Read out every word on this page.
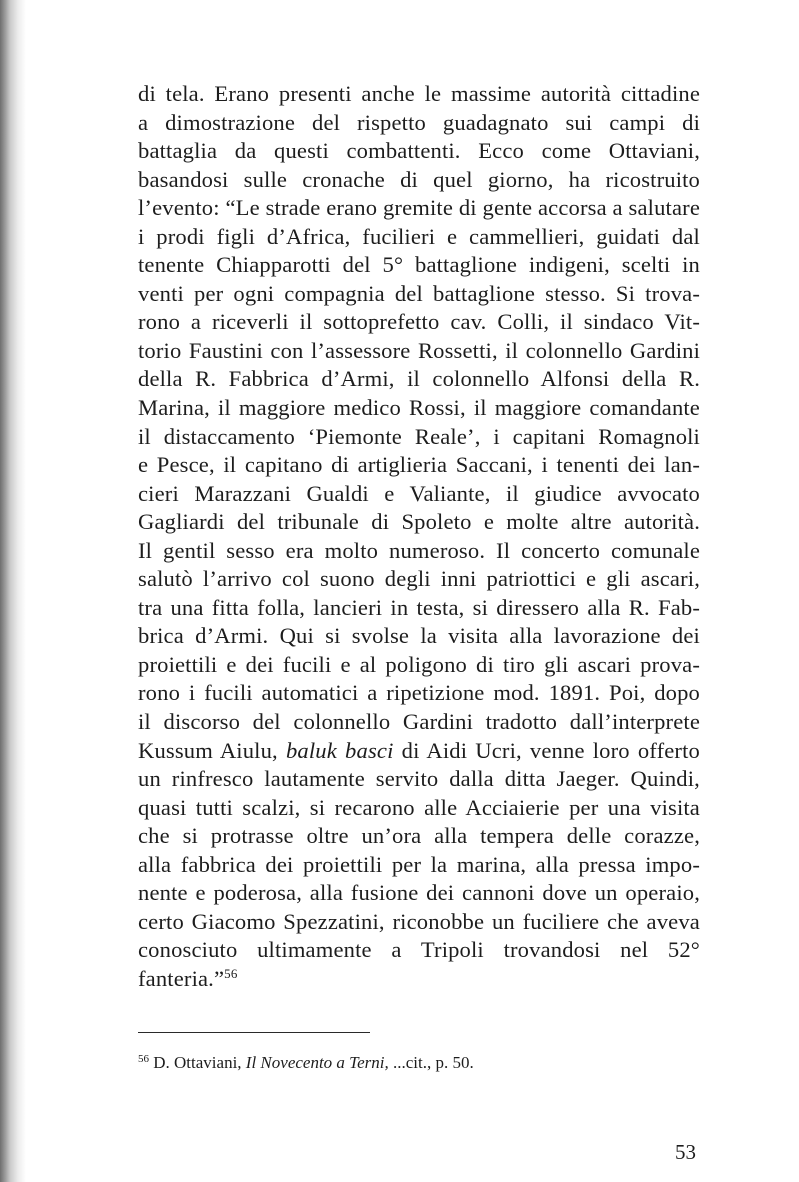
di tela. Erano presenti anche le massime autorità cittadine
a dimostrazione del rispetto guadagnato sui campi di
battaglia da questi combattenti. Ecco come Ottaviani,
basandosi sulle cronache di quel giorno, ha ricostruito
l’evento: “Le strade erano gremite di gente accorsa a salutare
i prodi figli d’Africa, fucilieri e cammellieri, guidati dal
tenente Chiapparotti del 5° battaglione indigeni, scelti in
venti per ogni compagnia del battaglione stesso. Si trova-
rono a riceverli il sottoprefetto cav. Colli, il sindaco Vit-
torio Faustini con l’assessore Rossetti, il colonnello Gardini
della R. Fabbrica d’Armi, il colonnello Alfonsi della R.
Marina, il maggiore medico Rossi, il maggiore comandante
il distaccamento ‘Piemonte Reale’, i capitani Romagnoli
e Pesce, il capitano di artiglieria Saccani, i tenenti dei lan-
cieri Marazzani Gualdi e Valiante, il giudice avvocato
Gagliardi del tribunale di Spoleto e molte altre autorità.
Il gentil sesso era molto numeroso. Il concerto comunale
salutò l’arrivo col suono degli inni patriottici e gli ascari,
tra una fitta folla, lancieri in testa, si diressero alla R. Fab-
brica d’Armi. Qui si svolse la visita alla lavorazione dei
proiettili e dei fucili e al poligono di tiro gli ascari prova-
rono i fucili automatici a ripetizione mod. 1891. Poi, dopo
il discorso del colonnello Gardini tradotto dall’interprete
Kussum Aiulu, baluk basci di Aidi Ucri, venne loro offerto
un rinfresco lautamente servito dalla ditta Jaeger. Quindi,
quasi tutti scalzi, si recarono alle Acciaierie per una visita
che si protrasse oltre un’ora alla tempera delle corazze,
alla fabbrica dei proiettili per la marina, alla pressa impo-
nente e poderosa, alla fusione dei cannoni dove un operaio,
certo Giacomo Spezzatini, riconobbe un fuciliere che aveva
conosciuto ultimamente a Tripoli trovandosi nel 52°
fanteria.”$^{56}$
$^{56}$ D. Ottaviani, Il Novecento a Terni, ...cit., p. 50.
53
